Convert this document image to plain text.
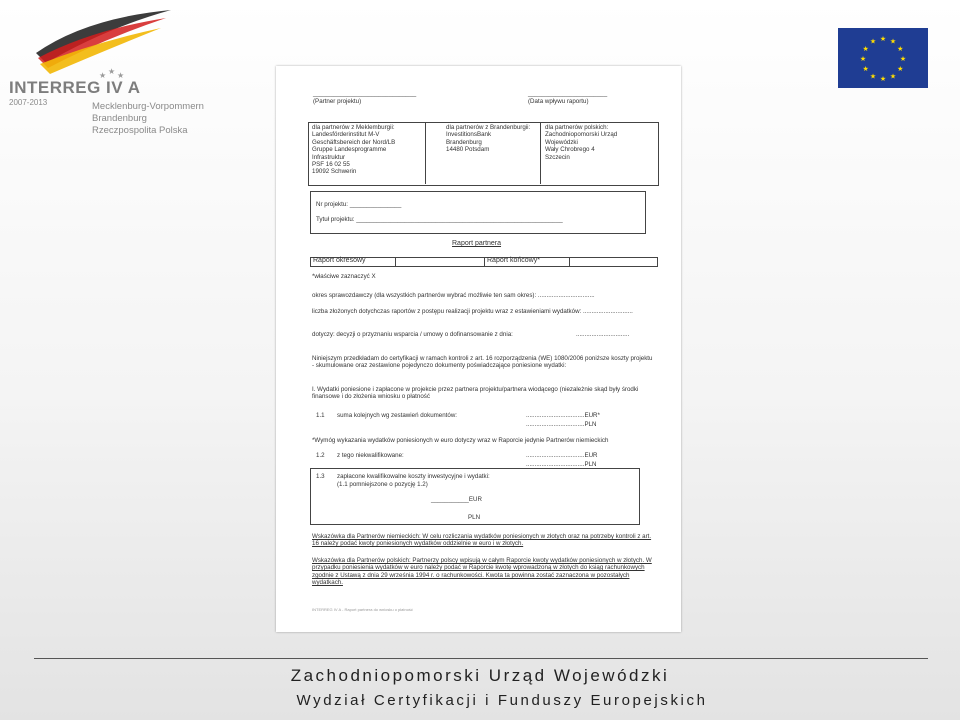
★ ★ ★
INTERREG IV A
2007-2013	Mecklenburg-Vorpommern
Brandenburg
Rzeczpospolita Polska
★ ★
★
★
★
★
★
★
★
★
★
★
______________________________
(Partner projektu)
_______________________
(Data wpływu raportu)
dla partnerów z Meklemburgii:
Landesförderinstitut M-V
Geschäftsbereich der Nord/LB
Gruppe Landesprogramme
Infrastruktur
PSF 16 02 55
19092 Schwerin
dla partnerów z Brandenburgii:
InvestitionsBank
Brandenburg
14480 Potsdam
dla partnerów polskich:
Zachodniopomorski Urząd
Wojewódzki
Wały Chrobrego 4
Szczecin
Nr projektu: _______________
Tytuł projektu: ____________________________________________________________
Raport partnera
Raport okresowy	Raport końcowy*
*właściwe zaznaczyć X
okres sprawozdawczy (dla wszystkich partnerów wybrać możliwie ten sam okres): .................................
liczba złożonych dotychczas raportów z postępu realizacji projektu wraz z estawieniami wydatków: .............................
dotyczy: decyzji o przyznaniu wsparcia / umowy o dofinansowanie z dnia:	...............................
Niniejszym przedkładam do certyfikacji w ramach kontroli z art. 16 rozporządzenia (WE) 1080/2006 poniższe koszty projektu - skumulowane oraz zestawione pojedynczo dokumenty poświadczające poniesione wydatki:
I. Wydatki poniesione i zapłacone w projekcie przez partnera projektu/partnera wiodącego (niezależnie skąd były środki finansowe i do złożenia wniosku o płatność
1.1 suma kolejnych wg zestawień dokumentów:	..................................EUR*
..................................PLN
*Wymóg wykazania wydatków poniesionych w euro dotyczy wraz w Raporcie jedynie Partnerów niemieckich
1.2 z tego niekwalifikowane:	..................................EUR
..................................PLN
1.3 zapłacone kwalifikowalne koszty inwestycyjne i wydatki:
(1.1 pomniejszone o pozycję 1.2)
___________EUR
PLN
Wskazówka dla Partnerów niemieckich: W celu rozliczania wydatków poniesionych w złotych oraz na potrzeby kontroli z art. 16 należy podać kwoty poniesionych wydatków oddzielnie w euro i w złotych.
Wskazówka dla Partnerów polskich: Partnerzy polscy wpisują w całym Raporcie kwoty wydatków poniesionych w złotych. W przypadku poniesienia wydatków w euro należy podać w Raporcie kwotę wprowadzoną w złotych do ksiąg rachunkowych zgodnie z Ustawą z dnia 29 września 1994 r. o rachunkowości. Kwota ta powinna zostać zaznaczona w pozostałych wydatkach.
INTERREG IV A - Raport partnera do wniosku o płatność
Zachodniopomorski Urząd Wojewódzki
Wydział Certyfikacji i Funduszy Europejskich
